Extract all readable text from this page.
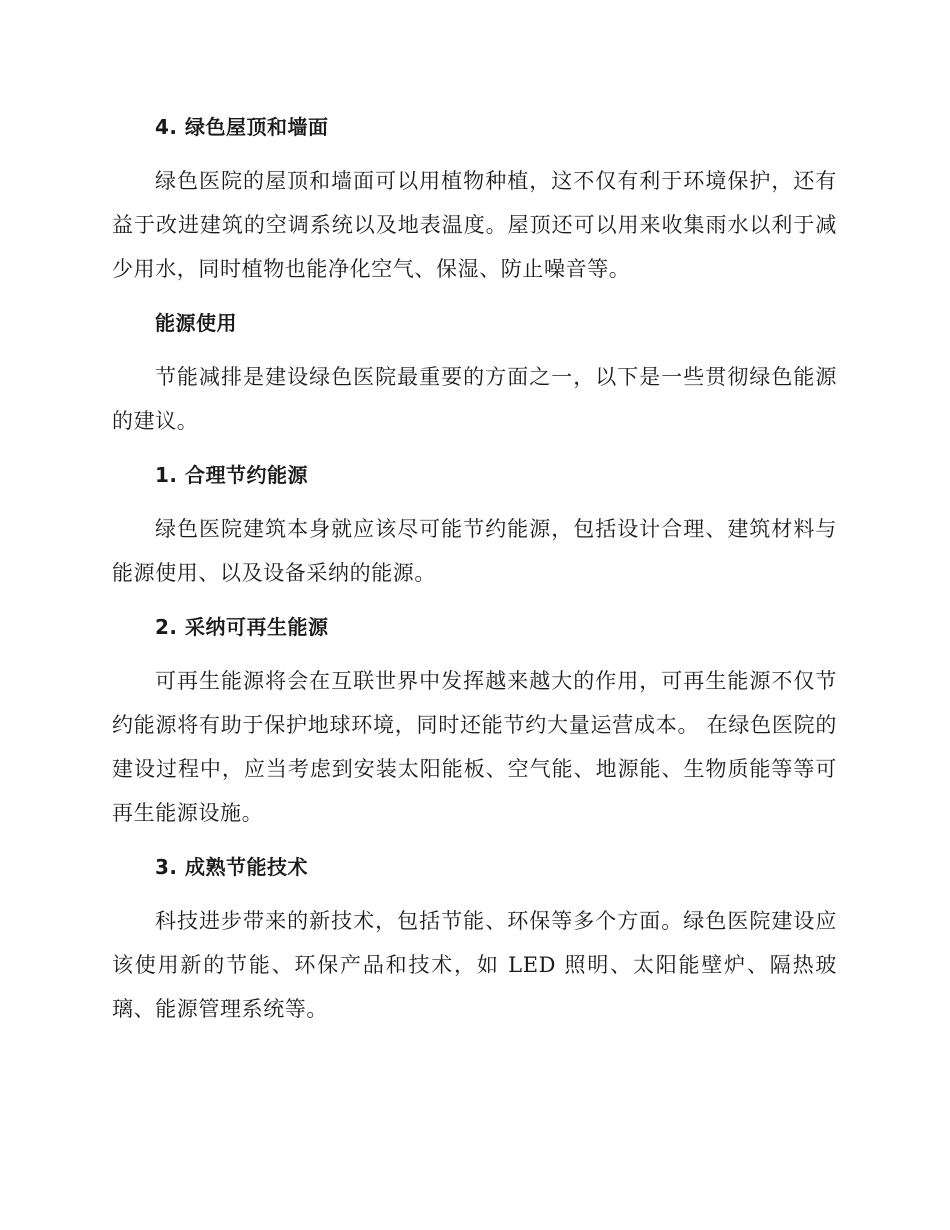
4. 绿色屋顶和墙面

绿色医院的屋顶和墙面可以用植物种植，这不仅有利于环境保护，还有益于改进建筑的空调系统以及地表温度。屋顶还可以用来收集雨水以利于减少用水，同时植物也能净化空气、保湿、防止噪音等。

能源使用

节能减排是建设绿色医院最重要的方面之一，以下是一些贯彻绿色能源的建议。

1. 合理节约能源

绿色医院建筑本身就应该尽可能节约能源，包括设计合理、建筑材料与能源使用、以及设备采纳的能源。

2. 采纳可再生能源

可再生能源将会在互联世界中发挥越来越大的作用，可再生能源不仅节约能源将有助于保护地球环境，同时还能节约大量运营成本。 在绿色医院的建设过程中，应当考虑到安装太阳能板、空气能、地源能、生物质能等等可再生能源设施。

3. 成熟节能技术

科技进步带来的新技术，包括节能、环保等多个方面。绿色医院建设应该使用新的节能、环保产品和技术，如 LED 照明、太阳能壁炉、隔热玻璃、能源管理系统等。
